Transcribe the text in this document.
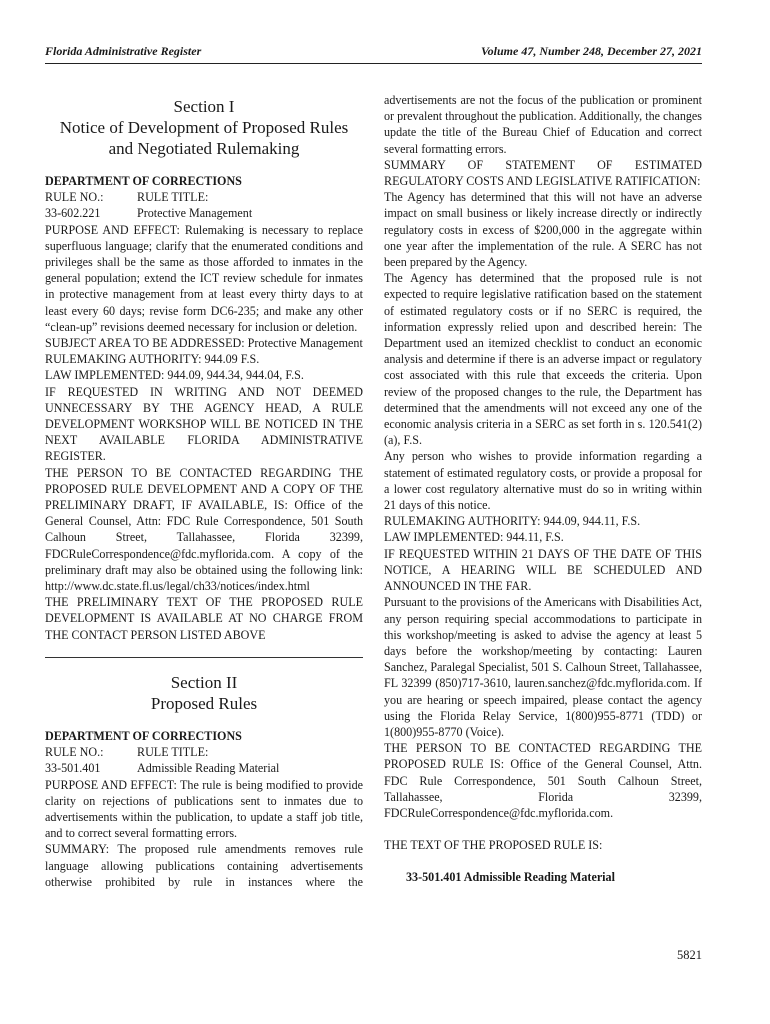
Florida Administrative Register	Volume 47, Number 248, December 27, 2021

Section I

Notice of Development of Proposed Rules

and Negotiated Rulemaking

DEPARTMENT OF CORRECTIONS

RULE NO.:	RULE TITLE:
33-602.221	Protective Management

PURPOSE AND EFFECT: Rulemaking is necessary to replace superfluous language; clarify that the enumerated conditions and privileges shall be the same as those afforded to inmates in the general population; extend the ICT review schedule for inmates in protective management from at least every thirty days to at least every 60 days; revise form DC6-235; and make any other “clean-up” revisions deemed necessary for inclusion or deletion.

SUBJECT AREA TO BE ADDRESSED: Protective Management

RULEMAKING AUTHORITY: 944.09 F.S.

LAW IMPLEMENTED: 944.09, 944.34, 944.04, F.S.

IF REQUESTED IN WRITING AND NOT DEEMED UNNECESSARY BY THE AGENCY HEAD, A RULE DEVELOPMENT WORKSHOP WILL BE NOTICED IN THE NEXT AVAILABLE FLORIDA ADMINISTRATIVE REGISTER.

THE PERSON TO BE CONTACTED REGARDING THE PROPOSED RULE DEVELOPMENT AND A COPY OF THE PRELIMINARY DRAFT, IF AVAILABLE, IS: Office of the General Counsel, Attn: FDC Rule Correspondence, 501 South Calhoun Street, Tallahassee, Florida 32399, FDCRuleCorrespondence@fdc.myflorida.com. A copy of the preliminary draft may also be obtained using the following link: http://www.dc.state.fl.us/legal/ch33/notices/index.html

THE PRELIMINARY TEXT OF THE PROPOSED RULE DEVELOPMENT IS AVAILABLE AT NO CHARGE FROM THE CONTACT PERSON LISTED ABOVE

Section II

Proposed Rules

DEPARTMENT OF CORRECTIONS

RULE NO.:	RULE TITLE:
33-501.401	Admissible Reading Material

PURPOSE AND EFFECT: The rule is being modified to provide clarity on rejections of publications sent to inmates due to advertisements within the publication, to update a staff job title, and to correct several formatting errors.

SUMMARY: The proposed rule amendments removes rule language allowing publications containing advertisements otherwise prohibited by rule in instances where the

advertisements are not the focus of the publication or prominent or prevalent throughout the publication. Additionally, the changes update the title of the Bureau Chief of Education and correct several formatting errors.

SUMMARY OF STATEMENT OF ESTIMATED REGULATORY COSTS AND LEGISLATIVE RATIFICATION:

The Agency has determined that this will not have an adverse impact on small business or likely increase directly or indirectly regulatory costs in excess of $200,000 in the aggregate within one year after the implementation of the rule. A SERC has not been prepared by the Agency.

The Agency has determined that the proposed rule is not expected to require legislative ratification based on the statement of estimated regulatory costs or if no SERC is required, the information expressly relied upon and described herein: The Department used an itemized checklist to conduct an economic analysis and determine if there is an adverse impact or regulatory cost associated with this rule that exceeds the criteria. Upon review of the proposed changes to the rule, the Department has determined that the amendments will not exceed any one of the economic analysis criteria in a SERC as set forth in s. 120.541(2)(a), F.S.

Any person who wishes to provide information regarding a statement of estimated regulatory costs, or provide a proposal for a lower cost regulatory alternative must do so in writing within 21 days of this notice.

RULEMAKING AUTHORITY: 944.09, 944.11, F.S.

LAW IMPLEMENTED: 944.11, F.S.

IF REQUESTED WITHIN 21 DAYS OF THE DATE OF THIS NOTICE, A HEARING WILL BE SCHEDULED AND ANNOUNCED IN THE FAR.

Pursuant to the provisions of the Americans with Disabilities Act, any person requiring special accommodations to participate in this workshop/meeting is asked to advise the agency at least 5 days before the workshop/meeting by contacting: Lauren Sanchez, Paralegal Specialist, 501 S. Calhoun Street, Tallahassee, FL 32399 (850)717-3610, lauren.sanchez@fdc.myflorida.com. If you are hearing or speech impaired, please contact the agency using the Florida Relay Service, 1(800)955-8771 (TDD) or 1(800)955-8770 (Voice).

THE PERSON TO BE CONTACTED REGARDING THE PROPOSED RULE IS: Office of the General Counsel, Attn. FDC Rule Correspondence, 501 South Calhoun Street, Tallahassee, Florida 32399, FDCRuleCorrespondence@fdc.myflorida.com.

THE TEXT OF THE PROPOSED RULE IS:

33-501.401 Admissible Reading Material

5821
